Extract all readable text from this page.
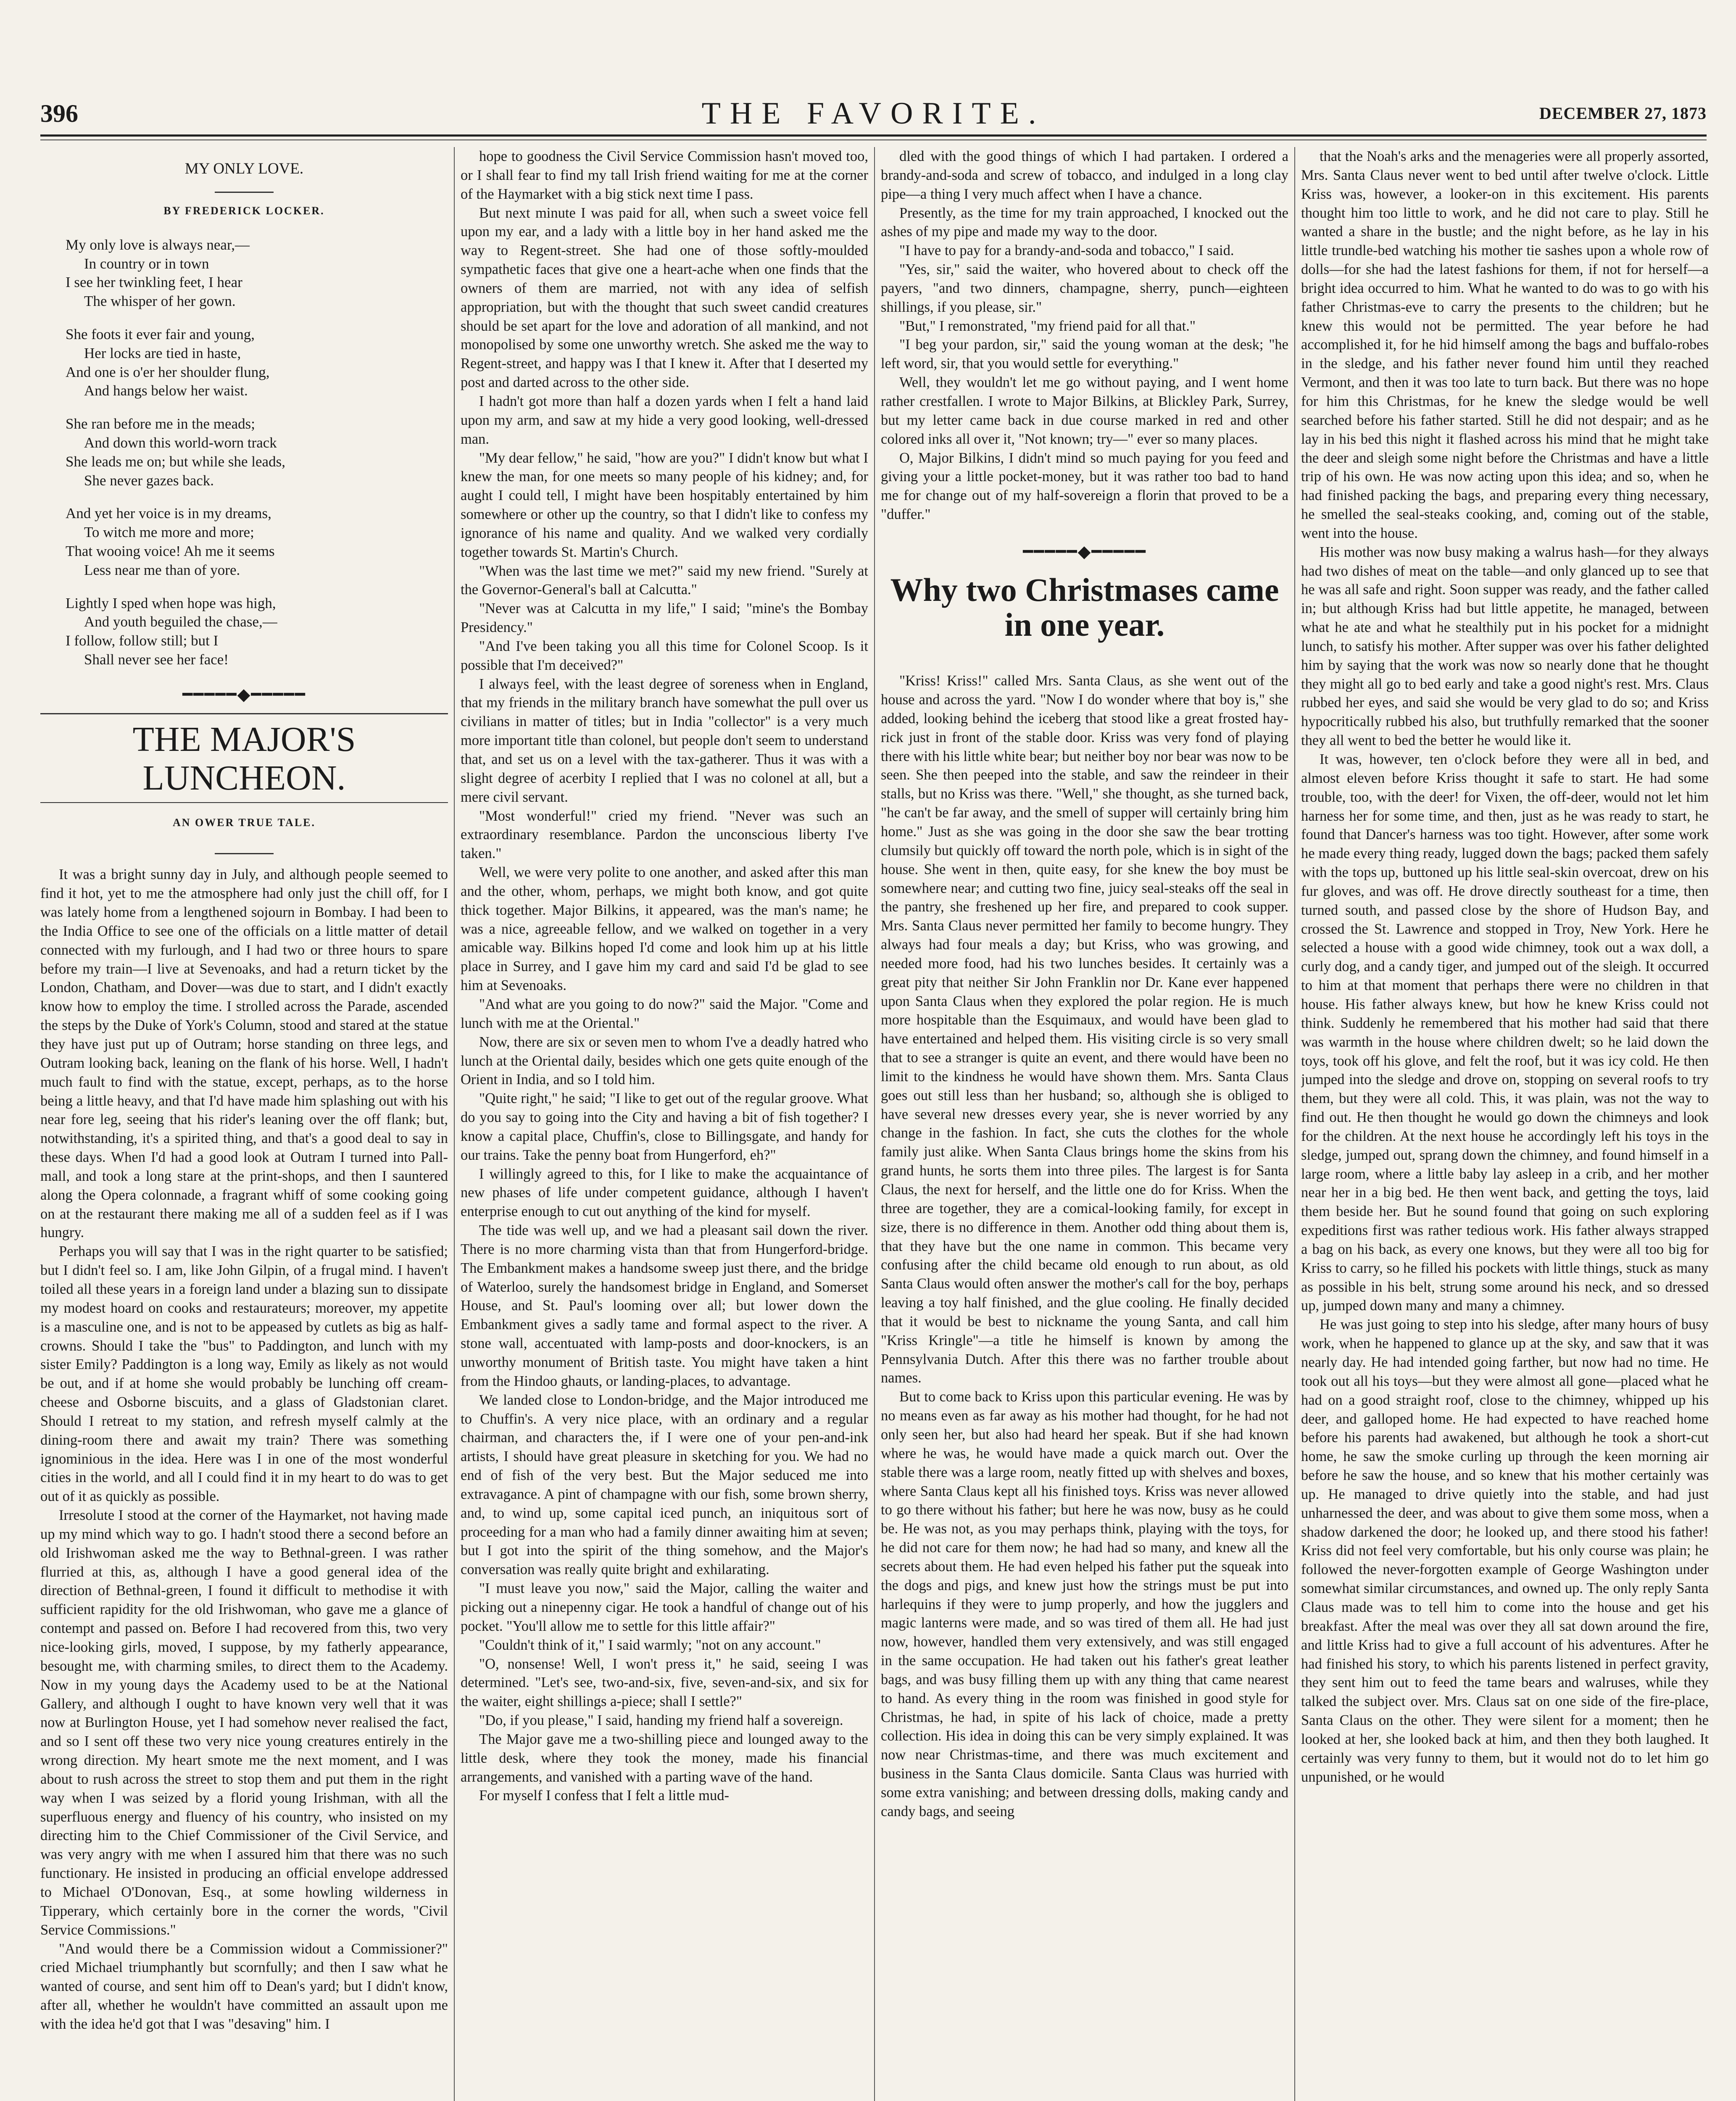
396	THE FAVORITE.	DECEMBER 27, 1873
MY ONLY LOVE.
BY FREDERICK LOCKER.
My only love is always near,—
In country or in town
I see her twinkling feet, I hear
The whisper of her gown.
She foots it ever fair and young,
Her locks are tied in haste,
And one is o'er her shoulder flung,
And hangs below her waist.
She ran before me in the meads;
And down this world-worn track
She leads me on; but while she leads,
She never gazes back.
And yet her voice is in my dreams,
To witch me more and more;
That wooing voice! Ah me it seems
Less near me than of yore.
Lightly I sped when hope was high,
And youth beguiled the chase,—
I follow, follow still; but I
Shall never see her face!
━━━━━◆━━━━━
THE MAJOR'S LUNCHEON.
AN OWER TRUE TALE.

It was a bright sunny day in July, and although people seemed to find it hot, yet to me the atmosphere had only just the chill off, for I was lately home from a lengthened sojourn in Bombay. I had been to the India Office to see one of the officials on a little matter of detail connected with my furlough, and I had two or three hours to spare before my train—I live at Sevenoaks, and had a return ticket by the London, Chatham, and Dover—was due to start, and I didn't exactly know how to employ the time. I strolled across the Parade, ascended the steps by the Duke of York's Column, stood and stared at the statue they have just put up of Outram; horse standing on three legs, and Outram looking back, leaning on the flank of his horse. Well, I hadn't much fault to find with the statue, except, perhaps, as to the horse being a little heavy, and that I'd have made him splashing out with his near fore leg, seeing that his rider's leaning over the off flank; but, notwithstanding, it's a spirited thing, and that's a good deal to say in these days. When I'd had a good look at Outram I turned into Pall-mall, and took a long stare at the print-shops, and then I sauntered along the Opera colonnade, a fragrant whiff of some cooking going on at the restaurant there making me all of a sudden feel as if I was hungry.

Perhaps you will say that I was in the right quarter to be satisfied; but I didn't feel so. I am, like John Gilpin, of a frugal mind. I haven't toiled all these years in a foreign land under a blazing sun to dissipate my modest hoard on cooks and restaurateurs; moreover, my appetite is a masculine one, and is not to be appeased by cutlets as big as half-crowns. Should I take the "bus" to Paddington, and lunch with my sister Emily? Paddington is a long way, Emily as likely as not would be out, and if at home she would probably be lunching off cream-cheese and Osborne biscuits, and a glass of Gladstonian claret. Should I retreat to my station, and refresh myself calmly at the dining-room there and await my train? There was something ignominious in the idea. Here was I in one of the most wonderful cities in the world, and all I could find it in my heart to do was to get out of it as quickly as possible.

Irresolute I stood at the corner of the Haymarket, not having made up my mind which way to go. I hadn't stood there a second before an old Irishwoman asked me the way to Bethnal-green. I was rather flurried at this, as, although I have a good general idea of the direction of Bethnal-green, I found it difficult to methodise it with sufficient rapidity for the old Irishwoman, who gave me a glance of contempt and passed on. Before I had recovered from this, two very nice-looking girls, moved, I suppose, by my fatherly appearance, besought me, with charming smiles, to direct them to the Academy. Now in my young days the Academy used to be at the National Gallery, and although I ought to have known very well that it was now at Burlington House, yet I had somehow never realised the fact, and so I sent off these two very nice young creatures entirely in the wrong direction. My heart smote me the next moment, and I was about to rush across the street to stop them and put them in the right way when I was seized by a florid young Irishman, with all the superfluous energy and fluency of his country, who insisted on my directing him to the Chief Commissioner of the Civil Service, and was very angry with me when I assured him that there was no such functionary. He insisted in producing an official envelope addressed to Michael O'Donovan, Esq., at some howling wilderness in Tipperary, which certainly bore in the corner the words, "Civil Service Commissions."

"And would there be a Commission widout a Commissioner?" cried Michael triumphantly but scornfully; and then I saw what he wanted of course, and sent him off to Dean's yard; but I didn't know, after all, whether he wouldn't have committed an assault upon me with the idea he'd got that I was "desaving" him. I

hope to goodness the Civil Service Commission hasn't moved too, or I shall fear to find my tall Irish friend waiting for me at the corner of the Haymarket with a big stick next time I pass.

But next minute I was paid for all, when such a sweet voice fell upon my ear, and a lady with a little boy in her hand asked me the way to Regent-street. She had one of those softly-moulded sympathetic faces that give one a heart-ache when one finds that the owners of them are married, not with any idea of selfish appropriation, but with the thought that such sweet candid creatures should be set apart for the love and adoration of all mankind, and not monopolised by some one unworthy wretch. She asked me the way to Regent-street, and happy was I that I knew it. After that I deserted my post and darted across to the other side.

I hadn't got more than half a dozen yards when I felt a hand laid upon my arm, and saw at my hide a very good looking, well-dressed man.

"My dear fellow," he said, "how are you?" I didn't know but what I knew the man, for one meets so many people of his kidney; and, for aught I could tell, I might have been hospitably entertained by him somewhere or other up the country, so that I didn't like to confess my ignorance of his name and quality. And we walked very cordially together towards St. Martin's Church.

"When was the last time we met?" said my new friend. "Surely at the Governor-General's ball at Calcutta."

"Never was at Calcutta in my life," I said; "mine's the Bombay Presidency."

"And I've been taking you all this time for Colonel Scoop. Is it possible that I'm deceived?"

I always feel, with the least degree of soreness when in England, that my friends in the military branch have somewhat the pull over us civilians in matter of titles; but in India "collector" is a very much more important title than colonel, but people don't seem to understand that, and set us on a level with the tax-gatherer. Thus it was with a slight degree of acerbity I replied that I was no colonel at all, but a mere civil servant.

"Most wonderful!" cried my friend. "Never was such an extraordinary resemblance. Pardon the unconscious liberty I've taken."

Well, we were very polite to one another, and asked after this man and the other, whom, perhaps, we might both know, and got quite thick together. Major Bilkins, it appeared, was the man's name; he was a nice, agreeable fellow, and we walked on together in a very amicable way. Bilkins hoped I'd come and look him up at his little place in Surrey, and I gave him my card and said I'd be glad to see him at Sevenoaks.

"And what are you going to do now?" said the Major. "Come and lunch with me at the Oriental."

Now, there are six or seven men to whom I've a deadly hatred who lunch at the Oriental daily, besides which one gets quite enough of the Orient in India, and so I told him.

"Quite right," he said; "I like to get out of the regular groove. What do you say to going into the City and having a bit of fish together? I know a capital place, Chuffin's, close to Billingsgate, and handy for our trains. Take the penny boat from Hungerford, eh?"

I willingly agreed to this, for I like to make the acquaintance of new phases of life under competent guidance, although I haven't enterprise enough to cut out anything of the kind for myself.

The tide was well up, and we had a pleasant sail down the river. There is no more charming vista than that from Hungerford-bridge. The Embankment makes a handsome sweep just there, and the bridge of Waterloo, surely the handsomest bridge in England, and Somerset House, and St. Paul's looming over all; but lower down the Embankment gives a sadly tame and formal aspect to the river. A stone wall, accentuated with lamp-posts and door-knockers, is an unworthy monument of British taste. You might have taken a hint from the Hindoo ghauts, or landing-places, to advantage.

We landed close to London-bridge, and the Major introduced me to Chuffin's. A very nice place, with an ordinary and a regular chairman, and characters the, if I were one of your pen-and-ink artists, I should have great pleasure in sketching for you. We had no end of fish of the very best. But the Major seduced me into extravagance. A pint of champagne with our fish, some brown sherry, and, to wind up, some capital iced punch, an iniquitous sort of proceeding for a man who had a family dinner awaiting him at seven; but I got into the spirit of the thing somehow, and the Major's conversation was really quite bright and exhilarating.

"I must leave you now," said the Major, calling the waiter and picking out a ninepenny cigar. He took a handful of change out of his pocket. "You'll allow me to settle for this little affair?"

"Couldn't think of it," I said warmly; "not on any account."

"O, nonsense! Well, I won't press it," he said, seeing I was determined. "Let's see, two-and-six, five, seven-and-six, and six for the waiter, eight shillings a-piece; shall I settle?"

"Do, if you please," I said, handing my friend half a sovereign.

The Major gave me a two-shilling piece and lounged away to the little desk, where they took the money, made his financial arrangements, and vanished with a parting wave of the hand.

For myself I confess that I felt a little mud-

dled with the good things of which I had partaken. I ordered a brandy-and-soda and screw of tobacco, and indulged in a long clay pipe—a thing I very much affect when I have a chance.

Presently, as the time for my train approached, I knocked out the ashes of my pipe and made my way to the door.

"I have to pay for a brandy-and-soda and tobacco," I said.

"Yes, sir," said the waiter, who hovered about to check off the payers, "and two dinners, champagne, sherry, punch—eighteen shillings, if you please, sir."

"But," I remonstrated, "my friend paid for all that."

"I beg your pardon, sir," said the young woman at the desk; "he left word, sir, that you would settle for everything."

Well, they wouldn't let me go without paying, and I went home rather crestfallen. I wrote to Major Bilkins, at Blickley Park, Surrey, but my letter came back in due course marked in red and other colored inks all over it, "Not known; try—" ever so many places.

O, Major Bilkins, I didn't mind so much paying for you feed and giving your a little pocket-money, but it was rather too bad to hand me for change out of my half-sovereign a florin that proved to be a "duffer."

━━━━━◆━━━━━
Why two Christmases came in one year.

"Kriss! Kriss!" called Mrs. Santa Claus, as she went out of the house and across the yard. "Now I do wonder where that boy is," she added, looking behind the iceberg that stood like a great frosted hay-rick just in front of the stable door. Kriss was very fond of playing there with his little white bear; but neither boy nor bear was now to be seen. She then peeped into the stable, and saw the reindeer in their stalls, but no Kriss was there. "Well," she thought, as she turned back, "he can't be far away, and the smell of supper will certainly bring him home." Just as she was going in the door she saw the bear trotting clumsily but quickly off toward the north pole, which is in sight of the house. She went in then, quite easy, for she knew the boy must be somewhere near; and cutting two fine, juicy seal-steaks off the seal in the pantry, she freshened up her fire, and prepared to cook supper. Mrs. Santa Claus never permitted her family to become hungry. They always had four meals a day; but Kriss, who was growing, and needed more food, had his two lunches besides. It certainly was a great pity that neither Sir John Franklin nor Dr. Kane ever happened upon Santa Claus when they explored the polar region. He is much more hospitable than the Esquimaux, and would have been glad to have entertained and helped them. His visiting circle is so very small that to see a stranger is quite an event, and there would have been no limit to the kindness he would have shown them. Mrs. Santa Claus goes out still less than her husband; so, although she is obliged to have several new dresses every year, she is never worried by any change in the fashion. In fact, she cuts the clothes for the whole family just alike. When Santa Claus brings home the skins from his grand hunts, he sorts them into three piles. The largest is for Santa Claus, the next for herself, and the little one do for Kriss. When the three are together, they are a comical-looking family, for except in size, there is no difference in them. Another odd thing about them is, that they have but the one name in common. This became very confusing after the child became old enough to run about, as old Santa Claus would often answer the mother's call for the boy, perhaps leaving a toy half finished, and the glue cooling. He finally decided that it would be best to nickname the young Santa, and call him "Kriss Kringle"—a title he himself is known by among the Pennsylvania Dutch. After this there was no farther trouble about names.

But to come back to Kriss upon this particular evening. He was by no means even as far away as his mother had thought, for he had not only seen her, but also had heard her speak. But if she had known where he was, he would have made a quick march out. Over the stable there was a large room, neatly fitted up with shelves and boxes, where Santa Claus kept all his finished toys. Kriss was never allowed to go there without his father; but here he was now, busy as he could be. He was not, as you may perhaps think, playing with the toys, for he did not care for them now; he had had so many, and knew all the secrets about them. He had even helped his father put the squeak into the dogs and pigs, and knew just how the strings must be put into harlequins if they were to jump properly, and how the jugglers and magic lanterns were made, and so was tired of them all. He had just now, however, handled them very extensively, and was still engaged in the same occupation. He had taken out his father's great leather bags, and was busy filling them up with any thing that came nearest to hand. As every thing in the room was finished in good style for Christmas, he had, in spite of his lack of choice, made a pretty collection. His idea in doing this can be very simply explained. It was now near Christmas-time, and there was much excitement and business in the Santa Claus domicile. Santa Claus was hurried with some extra vanishing; and between dressing dolls, making candy and candy bags, and seeing

that the Noah's arks and the menageries were all properly assorted, Mrs. Santa Claus never went to bed until after twelve o'clock. Little Kriss was, however, a looker-on in this excitement. His parents thought him too little to work, and he did not care to play. Still he wanted a share in the bustle; and the night before, as he lay in his little trundle-bed watching his mother tie sashes upon a whole row of dolls—for she had the latest fashions for them, if not for herself—a bright idea occurred to him. What he wanted to do was to go with his father Christmas-eve to carry the presents to the children; but he knew this would not be permitted. The year before he had accomplished it, for he hid himself among the bags and buffalo-robes in the sledge, and his father never found him until they reached Vermont, and then it was too late to turn back. But there was no hope for him this Christmas, for he knew the sledge would be well searched before his father started. Still he did not despair; and as he lay in his bed this night it flashed across his mind that he might take the deer and sleigh some night before the Christmas and have a little trip of his own. He was now acting upon this idea; and so, when he had finished packing the bags, and preparing every thing necessary, he smelled the seal-steaks cooking, and, coming out of the stable, went into the house.

His mother was now busy making a walrus hash—for they always had two dishes of meat on the table—and only glanced up to see that he was all safe and right. Soon supper was ready, and the father called in; but although Kriss had but little appetite, he managed, between what he ate and what he stealthily put in his pocket for a midnight lunch, to satisfy his mother. After supper was over his father delighted him by saying that the work was now so nearly done that he thought they might all go to bed early and take a good night's rest. Mrs. Claus rubbed her eyes, and said she would be very glad to do so; and Kriss hypocritically rubbed his also, but truthfully remarked that the sooner they all went to bed the better he would like it.

It was, however, ten o'clock before they were all in bed, and almost eleven before Kriss thought it safe to start. He had some trouble, too, with the deer! for Vixen, the off-deer, would not let him harness her for some time, and then, just as he was ready to start, he found that Dancer's harness was too tight. However, after some work he made every thing ready, lugged down the bags; packed them safely with the tops up, buttoned up his little seal-skin overcoat, drew on his fur gloves, and was off. He drove directly southeast for a time, then turned south, and passed close by the shore of Hudson Bay, and crossed the St. Lawrence and stopped in Troy, New York. Here he selected a house with a good wide chimney, took out a wax doll, a curly dog, and a candy tiger, and jumped out of the sleigh. It occurred to him at that moment that perhaps there were no children in that house. His father always knew, but how he knew Kriss could not think. Suddenly he remembered that his mother had said that there was warmth in the house where children dwelt; so he laid down the toys, took off his glove, and felt the roof, but it was icy cold. He then jumped into the sledge and drove on, stopping on several roofs to try them, but they were all cold. This, it was plain, was not the way to find out. He then thought he would go down the chimneys and look for the children. At the next house he accordingly left his toys in the sledge, jumped out, sprang down the chimney, and found himself in a large room, where a little baby lay asleep in a crib, and her mother near her in a big bed. He then went back, and getting the toys, laid them beside her. But he sound found that going on such exploring expeditions first was rather tedious work. His father always strapped a bag on his back, as every one knows, but they were all too big for Kriss to carry, so he filled his pockets with little things, stuck as many as possible in his belt, strung some around his neck, and so dressed up, jumped down many and many a chimney.

He was just going to step into his sledge, after many hours of busy work, when he happened to glance up at the sky, and saw that it was nearly day. He had intended going farther, but now had no time. He took out all his toys—but they were almost all gone—placed what he had on a good straight roof, close to the chimney, whipped up his deer, and galloped home. He had expected to have reached home before his parents had awakened, but although he took a short-cut home, he saw the smoke curling up through the keen morning air before he saw the house, and so knew that his mother certainly was up. He managed to drive quietly into the stable, and had just unharnessed the deer, and was about to give them some moss, when a shadow darkened the door; he looked up, and there stood his father! Kriss did not feel very comfortable, but his only course was plain; he followed the never-forgotten example of George Washington under somewhat similar circumstances, and owned up. The only reply Santa Claus made was to tell him to come into the house and get his breakfast. After the meal was over they all sat down around the fire, and little Kriss had to give a full account of his adventures. After he had finished his story, to which his parents listened in perfect gravity, they sent him out to feed the tame bears and walruses, while they talked the subject over. Mrs. Claus sat on one side of the fire-place, Santa Claus on the other. They were silent for a moment; then he looked at her, she looked back at him, and then they both laughed. It certainly was very funny to them, but it would not do to let him go unpunished, or he would
